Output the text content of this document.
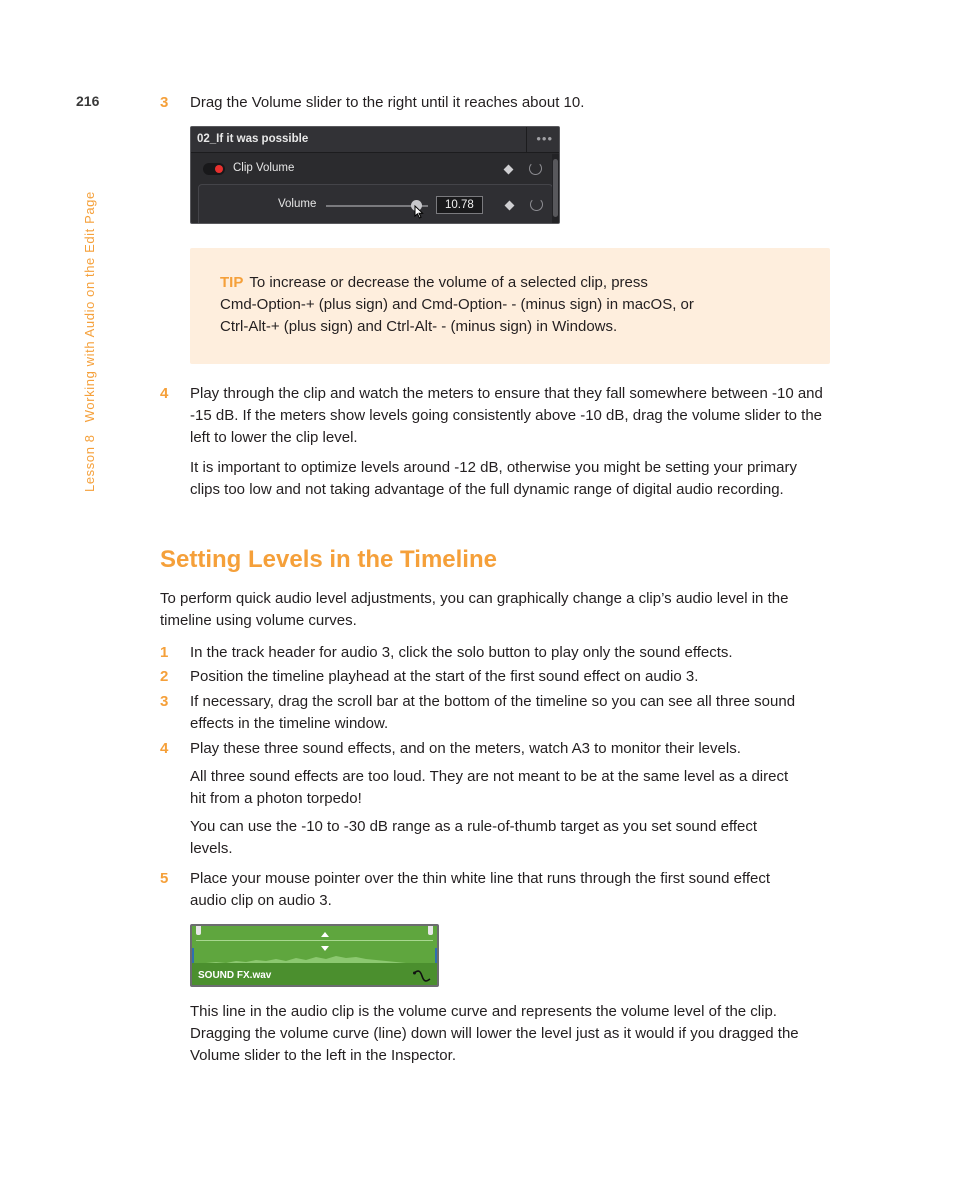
216
Lesson 8 Working with Audio on the Edit Page
3 Drag the Volume slider to the right until it reaches about 10.
02_If it was possible	•••
Clip Volume
Volume	10.78
TIP To increase or decrease the volume of a selected clip, press
Cmd-Option-+ (plus sign) and Cmd-Option- - (minus sign) in macOS, or
Ctrl-Alt-+ (plus sign) and Ctrl-Alt- - (minus sign) in Windows.
4 Play through the clip and watch the meters to ensure that they fall somewhere between -10 and -15 dB. If the meters show levels going consistently above -10 dB, drag the volume slider to the left to lower the clip level.
It is important to optimize levels around -12 dB, otherwise you might be setting your primary clips too low and not taking advantage of the full dynamic range of digital audio recording.
Setting Levels in the Timeline
To perform quick audio level adjustments, you can graphically change a clip’s audio level in the timeline using volume curves.
1 In the track header for audio 3, click the solo button to play only the sound effects.
2 Position the timeline playhead at the start of the first sound effect on audio 3.
3 If necessary, drag the scroll bar at the bottom of the timeline so you can see all three sound effects in the timeline window.
4 Play these three sound effects, and on the meters, watch A3 to monitor their levels.
All three sound effects are too loud. They are not meant to be at the same level as a direct hit from a photon torpedo!
You can use the -10 to -30 dB range as a rule-of-thumb target as you set sound effect levels.
5 Place your mouse pointer over the thin white line that runs through the first sound effect audio clip on audio 3.
SOUND FX.wav
This line in the audio clip is the volume curve and represents the volume level of the clip. Dragging the volume curve (line) down will lower the level just as it would if you dragged the Volume slider to the left in the Inspector.
